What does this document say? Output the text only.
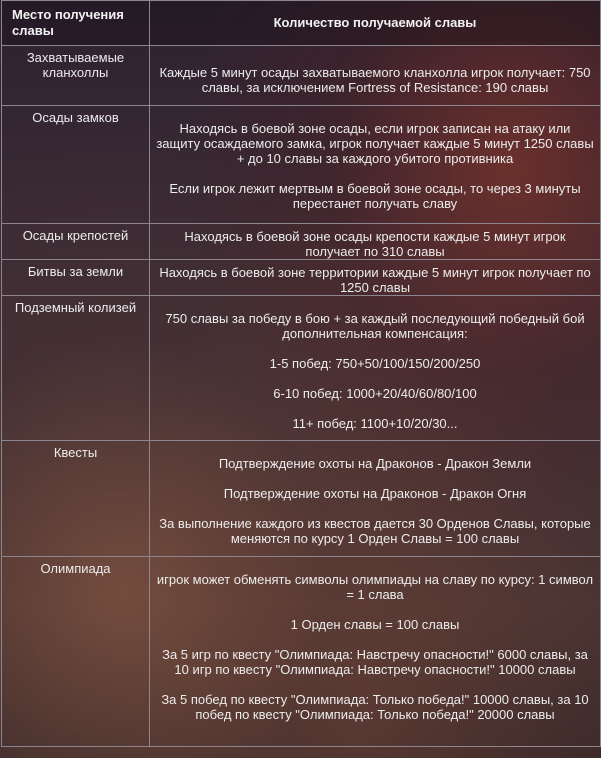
Место получения славы	Количество получаемой славы
Захватываемые кланхоллы	Каждые 5 минут осады захватываемого кланхолла игрок получает: 750 славы, за исключением Fortress of Resistance: 190 славы

Осады замков	Находясь в боевой зоне осады, если игрок записан на атаку или защиту осаждаемого замка, игрок получает каждые 5 минут 1250 славы + до 10 славы за каждого убитого противника

Если игрок лежит мертвым в боевой зоне осады, то через 3 минуты перестанет получать славу

Осады крепостей	Находясь в боевой зоне осады крепости каждые 5 минут игрок получает по 310 славы

Битвы за земли	Находясь в боевой зоне территории каждые 5 минут игрок получает по 1250 славы

Подземный колизей	750 славы за победу в бою + за каждый последующий победный бой дополнительная компенсация:

1-5 побед: 750+50/100/150/200/250

6-10 побед: 1000+20/40/60/80/100

11+ побед: 1100+10/20/30...

Квесты	Подтверждение охоты на Драконов - Дракон Земли

Подтверждение охоты на Драконов - Дракон Огня

За выполнение каждого из квестов дается 30 Орденов Славы, которые меняются по курсу 1 Орден Славы = 100 славы

Олимпиада	игрок может обменять символы олимпиады на славу по курсу: 1 символ = 1 слава

1 Орден славы = 100 славы

За 5 игр по квесту "Олимпиада: Навстречу опасности!" 6000 славы, за 10 игр по квесту "Олимпиада: Навстречу опасности!" 10000 славы

За 5 побед по квесту "Олимпиада: Только победа!" 10000 славы, за 10 побед по квесту "Олимпиада: Только победа!" 20000 славы
